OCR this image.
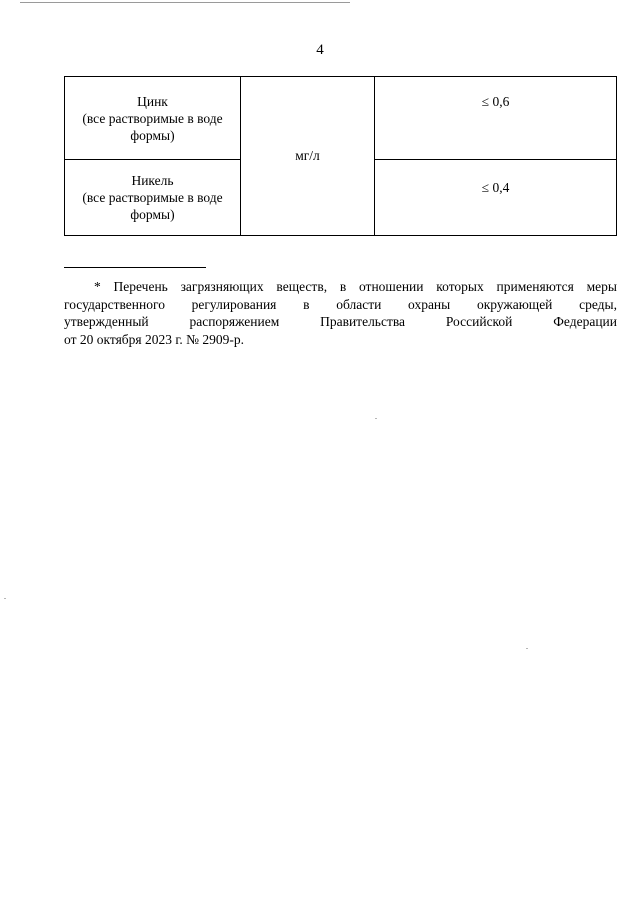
4
Цинк
(все растворимые в воде формы)	мг/л	≤ 0,6

Никель
(все растворимые в воде формы)		≤ 0,4
* Перечень загрязняющих веществ, в отношении которых применяются меры
государственного регулирования в области охраны окружающей среды,
утвержденный распоряжением Правительства Российской Федерации
от 20 октября 2023 г. № 2909-р.
